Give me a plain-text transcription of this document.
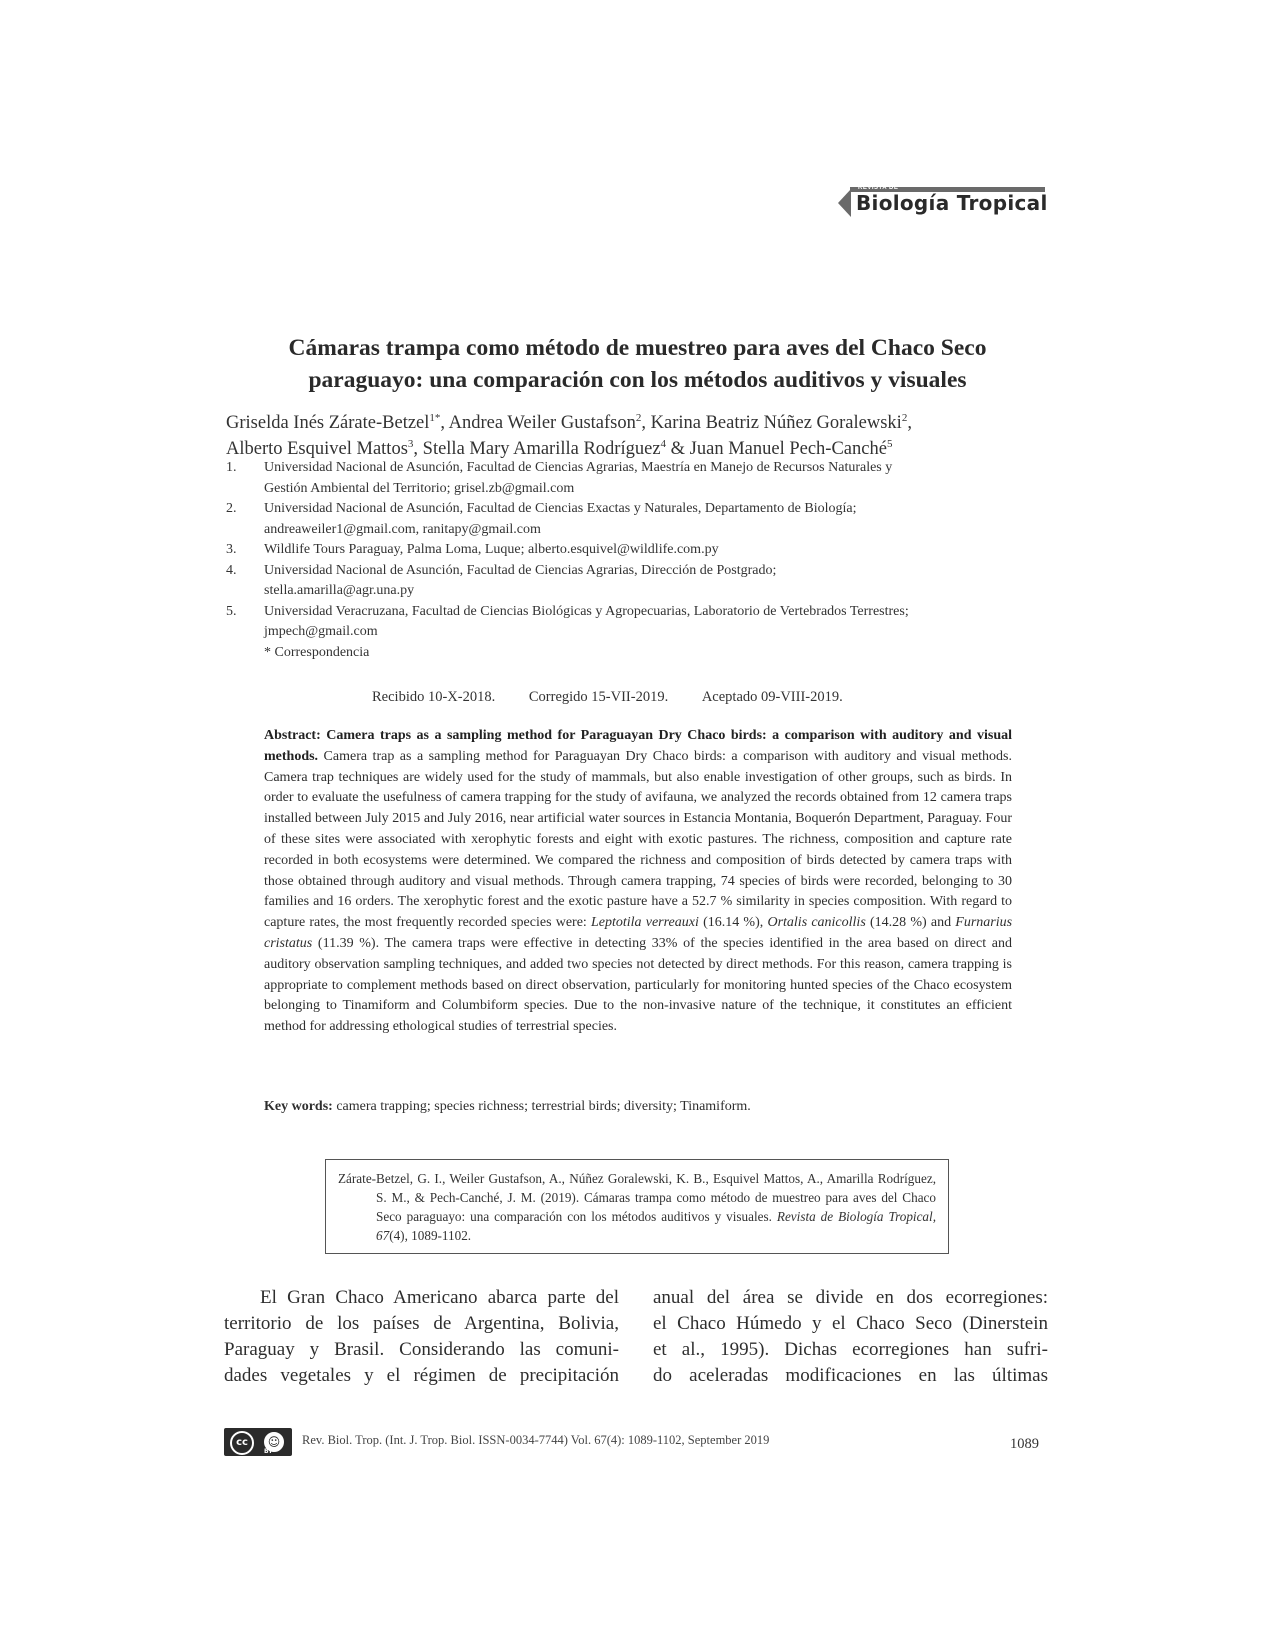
REVISTA DE
Biología Tropical
Cámaras trampa como método de muestreo para aves del Chaco Seco
paraguayo: una comparación con los métodos auditivos y visuales
Griselda Inés Zárate-Betzel$^{1*}$, Andrea Weiler Gustafson$^2$, Karina Beatriz Núñez Goralewski$^2$,
Alberto Esquivel Mattos$^3$, Stella Mary Amarilla Rodríguez$^4$ & Juan Manuel Pech-Canché$^5$
1. Universidad Nacional de Asunción, Facultad de Ciencias Agrarias, Maestría en Manejo de Recursos Naturales y
Gestión Ambiental del Territorio; grisel.zb@gmail.com
2. Universidad Nacional de Asunción, Facultad de Ciencias Exactas y Naturales, Departamento de Biología;
andreaweiler1@gmail.com, ranitapy@gmail.com
3. Wildlife Tours Paraguay, Palma Loma, Luque; alberto.esquivel@wildlife.com.py
4. Universidad Nacional de Asunción, Facultad de Ciencias Agrarias, Dirección de Postgrado;
stella.amarilla@agr.una.py
5. Universidad Veracruzana, Facultad de Ciencias Biológicas y Agropecuarias, Laboratorio de Vertebrados Terrestres;
jmpech@gmail.com
* Correspondencia
Recibido 10-X-2018. Corregido 15-VII-2019. Aceptado 09-VIII-2019.
Abstract: Camera traps as a sampling method for Paraguayan Dry Chaco birds: a comparison with auditory and visual methods. Camera trap as a sampling method for Paraguayan Dry Chaco birds: a comparison with auditory and visual methods. Camera trap techniques are widely used for the study of mammals, but also enable investigation of other groups, such as birds. In order to evaluate the usefulness of camera trapping for the study of avifauna, we analyzed the records obtained from 12 camera traps installed between July 2015 and July 2016, near artificial water sources in Estancia Montania, Boquerón Department, Paraguay. Four of these sites were associated with xerophytic forests and eight with exotic pastures. The richness, composition and capture rate recorded in both ecosystems were determined. We compared the richness and composition of birds detected by camera traps with those obtained through auditory and visual methods. Through camera trapping, 74 species of birds were recorded, belonging to 30 families and 16 orders. The xerophytic forest and the exotic pasture have a 52.7 % similarity in species composition. With regard to capture rates, the most frequently recorded species were: Leptotila verreauxi (16.14 %), Ortalis canicollis (14.28 %) and Furnarius cristatus (11.39 %). The camera traps were effective in detecting 33% of the species identified in the area based on direct and auditory observation sampling techniques, and added two species not detected by direct methods. For this reason, camera trapping is appropriate to complement methods based on direct observation, particularly for monitoring hunted species of the Chaco ecosystem belonging to Tinamiform and Columbiform species. Due to the non-invasive nature of the technique, it constitutes an efficient method for addressing ethological studies of terrestrial species.
Key words: camera trapping; species richness; terrestrial birds; diversity; Tinamiform.
Zárate-Betzel, G. I., Weiler Gustafson, A., Núñez Goralewski, K. B., Esquivel Mattos, A., Amarilla Rodríguez, S. M., & Pech-Canché, J. M. (2019). Cámaras trampa como método de muestreo para aves del Chaco Seco paraguayo: una comparación con los métodos auditivos y visuales. Revista de Biología Tropical, 67(4), 1089-1102.
El Gran Chaco Americano abarca parte del
territorio de los países de Argentina, Bolivia,
Paraguay y Brasil. Considerando las comuni-
dades vegetales y el régimen de precipitación
anual del área se divide en dos ecorregiones:
el Chaco Húmedo y el Chaco Seco (Dinerstein
et al., 1995). Dichas ecorregiones han sufri-
do aceleradas modificaciones en las últimas
cc	☺
BY
Rev. Biol. Trop. (Int. J. Trop. Biol. ISSN-0034-7744) Vol. 67(4): 1089-1102, September 2019	1089
